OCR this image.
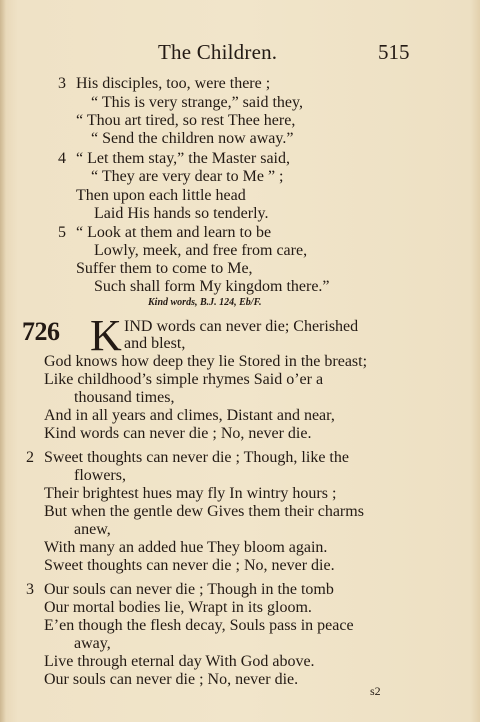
The Children.	515
3 His disciples, too, were there ;
“ This is very strange,” said they,
“ Thou art tired, so rest Thee here,
“ Send the children now away.”
4 “ Let them stay,” the Master said,
“ They are very dear to Me ” ;
Then upon each little head
Laid His hands so tenderly.
5 “ Look at them and learn to be
Lowly, meek, and free from care,
Suffer them to come to Me,
Such shall form My kingdom there.”
Kind words, B.J. 124, Eb/F.
726 K IND words can never die; Cherished
and blest,
God knows how deep they lie Stored in the breast;
Like childhood’s simple rhymes Said o’er a
thousand times,
And in all years and climes, Distant and near,
Kind words can never die ; No, never die.
2 Sweet thoughts can never die ; Though, like the
flowers,
Their brightest hues may fly In wintry hours ;
But when the gentle dew Gives them their charms
anew,
With many an added hue They bloom again.
Sweet thoughts can never die ; No, never die.
3 Our souls can never die ; Though in the tomb
Our mortal bodies lie, Wrapt in its gloom.
E’en though the flesh decay, Souls pass in peace
away,
Live through eternal day With God above.
Our souls can never die ; No, never die.
s2
